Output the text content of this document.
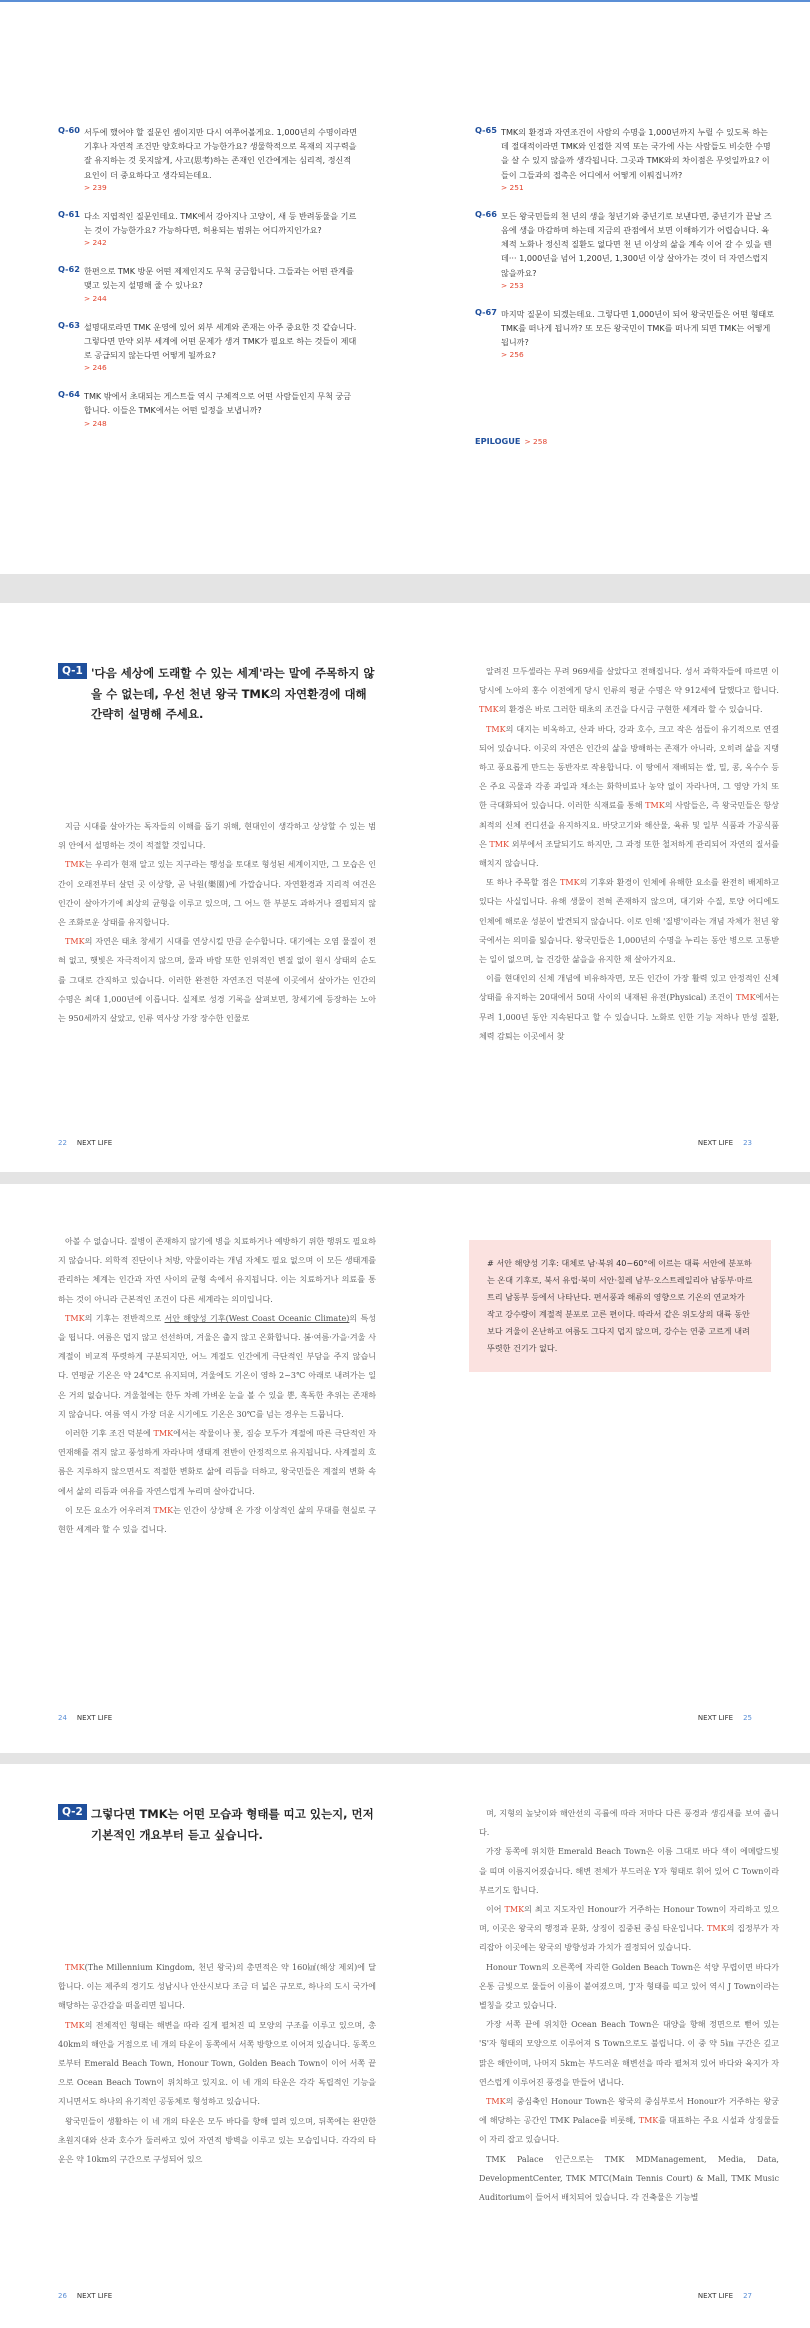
Q-60 서두에 했어야 할 질문인 셈이지만 다시 여쭈어볼게요. 1,000년의 수명이라면 기후나 자연적 조건만 양호하다고 가능한가요? 생물학적으로 목재의 지구력을 잘 유지하는 것 못지않게, 사고(思考)하는 존재인 인간에게는 심리적, 정신적 요인이 더 중요하다고 생각되는데요.
> 239
Q-61 다소 지엽적인 질문인데요. TMK에서 강아지나 고양이, 새 등 반려동물을 기르는 것이 가능한가요? 가능하다면, 허용되는 범위는 어디까지인가요?
> 242
Q-62 한편으로 TMK 방문 어떤 제제인지도 무척 궁금합니다. 그들과는 어떤 관계를 맺고 있는지 설명해 줄 수 있나요?
> 244
Q-63 설명대로라면 TMK 운영에 있어 외부 세계와 존재는 아주 중요한 것 같습니다. 그렇다면 만약 외부 세계에 어떤 문제가 생겨 TMK가 필요로 하는 것들이 제대로 공급되지 않는다면 어떻게 될까요?
> 246
Q-64 TMK 밖에서 초대되는 게스트들 역시 구체적으로 어떤 사람들인지 무척 궁금합니다. 이들은 TMK에서는 어떤 일정을 보냅니까?
> 248
Q-65 TMK의 환경과 자연조건이 사람의 수명을 1,000년까지 누릴 수 있도록 하는 데 절대적이라면 TMK와 인접한 지역 또는 국가에 사는 사람들도 비슷한 수명을 살 수 있지 않을까 생각됩니다. 그곳과 TMK와의 차이점은 무엇일까요? 이들이 그들과의 접촉은 어디에서 어떻게 이뤄집니까?
> 251
Q-66 모든 왕국민들의 천 년의 생을 청년기와 중년기로 보낸다면, 중년기가 끝날 즈음에 생을 마감하며 하는데 지금의 관점에서 보면 이해하기가 어렵습니다. 육체적 노화나 정신적 질환도 없다면 천 년 이상의 삶을 계속 이어 갈 수 있을 텐데··· 1,000년을 넘어 1,200년, 1,300년 이상 살아가는 것이 더 자연스럽지 않을까요?
> 253
Q-67 마지막 질문이 되겠는데요. 그렇다면 1,000년이 되어 왕국민들은 어떤 형태로 TMK를 떠나게 됩니까? 또 모든 왕국민이 TMK를 떠나게 되면 TMK는 어떻게 됩니까?
> 256
EPILOGUE > 258
Q-1 '다음 세상에 도래할 수 있는 세계'라는 말에 주목하지 않을 수 없는데, 우선 천년 왕국 TMK의 자연환경에 대해 간략히 설명해 주세요.

지금 시대를 살아가는 독자들의 이해를 돕기 위해, 현대인이 생각하고 상상할 수 있는 범위 안에서 설명하는 것이 적절할 것입니다.

TMK는 우리가 현재 알고 있는 지구라는 행성을 토대로 형성된 세계이지만, 그 모습은 인간이 오래전부터 살던 곳 이상향, 곧 낙원(樂園)에 가깝습니다. 자연환경과 지리적 여건은 인간이 살아가기에 최상의 균형을 이루고 있으며, 그 어느 한 부분도 과하거나 결핍되지 않은 조화로운 상태를 유지합니다.

TMK의 자연은 태초 창세기 시대를 연상시킬 만큼 순수합니다. 대기에는 오염 물질이 전혀 없고, 햇빛은 자극적이지 않으며, 물과 바람 또한 인위적인 변질 없이 원시 상태의 순도를 그대로 간직하고 있습니다. 이러한 완전한 자연조건 덕분에 이곳에서 살아가는 인간의 수명은 최대 1,000년에 이릅니다. 실제로 성경 기록을 살펴보면, 창세기에 등장하는 노아는 950세까지 살았고, 인류 역사상 가장 장수한 인물로

알려진 므두셀라는 무려 969세를 살았다고 전해집니다. 성서 과학자들에 따르면 이당시에 노아의 홍수 이전에게 당시 인류의 평균 수명은 약 912세에 달했다고 합니다. TMK의 환경은 바로 그러한 태초의 조건을 다시금 구현한 세계라 할 수 있습니다.

TMK의 대지는 비옥하고, 산과 바다, 강과 호수, 크고 작은 섬들이 유기적으로 연결되어 있습니다. 이곳의 자연은 인간의 삶을 방해하는 존재가 아니라, 오히려 삶을 지탱하고 풍요롭게 만드는 동반자로 작용합니다. 이 땅에서 재배되는 쌀, 밀, 콩, 옥수수 등은 주요 곡물과 각종 과일과 채소는 화학비료나 농약 없이 자라나며, 그 영양 가치 또한 극대화되어 있습니다. 이러한 식재료를 통해 TMK의 사람들은, 즉 왕국민들은 항상 최적의 신체 컨디션을 유지하지요. 바닷고기와 해산물, 육류 및 일부 식품과 가공식품은 TMK 외부에서 조달되기도 하지만, 그 과정 또한 철저하게 관리되어 자연의 질서를 해치지 않습니다.

또 하나 주목할 점은 TMK의 기후와 환경이 인체에 유해한 요소를 완전히 배제하고 있다는 사실입니다. 유해 생물이 전혀 존재하지 않으며, 대기와 수질, 토양 어디에도 인체에 해로운 성분이 발견되지 않습니다. 이로 인해 '질병'이라는 개념 자체가 천년 왕국에서는 의미를 잃습니다. 왕국민들은 1,000년의 수명을 누리는 동안 병으로 고통받는 일이 없으며, 늘 건강한 삶을을 유지한 채 살아가지요.

이를 현대인의 신체 개념에 비유하자면, 모든 인간이 가장 활력 있고 안정적인 신체 상태를 유지하는 20대에서 50대 사이의 내재된 유전(Physical) 조건이 TMK에서는 무려 1,000년 동안 지속된다고 할 수 있습니다. 노화로 인한 기능 저하나 만성 질환, 체력 감퇴는 이곳에서 찾

22 NEXT LIFE	NEXT LIFE 23

아볼 수 없습니다. 질병이 존재하지 않기에 병을 치료하거나 예방하기 위한 행위도 필요하지 않습니다. 의학적 진단이나 처방, 약물이라는 개념 자체도 필요 없으며 이 모든 생태계를 관리하는 체계는 인간과 자연 사이의 균형 속에서 유지됩니다. 이는 치료하거나 의료를 통하는 것이 아니라 근본적인 조건이 다른 세계라는 의미입니다.

TMK의 기후는 전반적으로 서안 해양성 기후(West Coast Oceanic Climate)의 특성을 띱니다. 여름은 덥지 않고 선선하며, 겨울은 춥지 않고 온화합니다. 봄·여름·가을·겨울 사계절이 비교적 뚜렷하게 구분되지만, 어느 계절도 인간에게 극단적인 부담을 주지 않습니다. 연평균 기온은 약 24℃로 유지되며, 겨울에도 기온이 영하 2~3℃ 아래로 내려가는 일은 거의 없습니다. 겨울철에는 한두 차례 가벼운 눈을 볼 수 있을 뿐, 혹독한 추위는 존재하지 않습니다. 여름 역시 가장 더운 시기에도 기온은 30℃를 넘는 경우는 드뭅니다.

이러한 기후 조건 덕분에 TMK에서는 작물이나 꽃, 짐승 모두가 계절에 따른 극단적인 자연재해를 겪지 않고 풍성하게 자라나며 생태계 전반이 안정적으로 유지됩니다. 사계절의 흐름은 지루하지 않으면서도 적절한 변화로 삶에 리듬을 더하고, 왕국민들은 계절의 변화 속에서 삶의 리듬과 여유를 자연스럽게 누리며 살아갑니다.

이 모든 요소가 어우러져 TMK는 인간이 상상해 온 가장 이상적인 삶의 무대를 현실로 구현한 세계라 할 수 있을 겁니다.

# 서안 해양성 기후: 대체로 남·북위 40~60°에 이르는 대륙 서안에 분포하는 온대 기후로, 북서 유럽·북미 서안·칠레 남부·오스트레일리아 남동부·마르트리 남동부 등에서 나타난다. 편서풍과 해류의 영향으로 기온의 연교차가 작고 강수량이 계절적 분포로 고른 편이다. 따라서 같은 위도상의 대륙 동안보다 겨울이 온난하고 여름도 그다지 덥지 않으며, 강수는 연중 고르게 내려 뚜렷한 건기가 없다.
24 NEXT LIFE	NEXT LIFE 25
Q-2 그렇다면 TMK는 어떤 모습과 형태를 띠고 있는지, 먼저 기본적인 개요부터 듣고 싶습니다.

TMK(The Millennium Kingdom, 천년 왕국)의 총면적은 약 160㎢(해상 제외)에 달합니다. 이는 제주의 경기도 성남시나 안산시보다 조금 더 넓은 규모로, 하나의 도시 국가에 해당하는 공간감을 떠올리면 됩니다.

TMK의 전체적인 형태는 해변을 따라 길게 펼쳐진 띠 모양의 구조를 이루고 있으며, 총 40km의 해안을 거점으로 네 개의 타운이 동쪽에서 서쪽 방향으로 이어져 있습니다. 동쪽으로부터 Emerald Beach Town, Honour Town, Golden Beach Town이 이어 서쪽 끝으로 Ocean Beach Town이 위치하고 있지요. 이 네 개의 타운은 각각 독립적인 기능을 지니면서도 하나의 유기적인 공동체로 형성하고 있습니다.

왕국민들이 생활하는 이 네 개의 타운은 모두 바다를 향해 열려 있으며, 뒤쪽에는 완만한 초원지대와 산과 호수가 둘러싸고 있어 자연적 방벽을 이루고 있는 모습입니다. 각각의 타운은 약 10km의 구간으로 구성되어 있으

며, 지형의 높낮이와 해안선의 곡률에 따라 저마다 다른 풍경과 생김새를 보여 줍니다.

가장 동쪽에 위치한 Emerald Beach Town은 이름 그대로 바다 색이 에메랄드빛을 띠며 이름지어졌습니다. 해변 전체가 부드러운 Y자 형태로 휘어 있어 C Town이라 부르기도 합니다.

이어 TMK의 최고 지도자인 Honour가 거주하는 Honour Town이 자리하고 있으며, 이곳은 왕국의 행정과 문화, 상징이 집중된 중심 타운입니다. TMK의 집정부가 자리잡아 이곳에는 왕국의 방향성과 가치가 결정되어 있습니다.

Honour Town의 오른쪽에 자리한 Golden Beach Town은 석양 무렵이면 바다가 온통 금빛으로 물들어 이름이 붙여졌으며, 'J'자 형태를 띠고 있어 역시 J Town이라는 별칭을 갖고 있습니다.

가장 서쪽 끝에 위치한 Ocean Beach Town은 대양을 향해 정면으로 뻗어 있는 'S'자 형태의 모양으로 이루어져 S Town으로도 불립니다. 이 중 약 5㎞ 구간은 깊고 맑은 해안이며, 나머지 5km는 부드러운 해변선을 따라 펼쳐져 있어 바다와 육지가 자연스럽게 이루어진 풍경을 만들어 냅니다.

TMK의 중심축인 Honour Town은 왕국의 중심부로서 Honour가 거주하는 왕궁에 해당하는 공간인 TMK Palace를 비롯해, TMK를 대표하는 주요 시설과 상징물들이 자리 잡고 있습니다.

TMK Palace 인근으로는 TMK MDManagement, Media, Data, DevelopmentCenter, TMK MTC(Main Tennis Court) & Mall, TMK Music Auditorium이 들어서 배치되어 있습니다. 각 건축물은 기능별

26 NEXT LIFE	NEXT LIFE 27
